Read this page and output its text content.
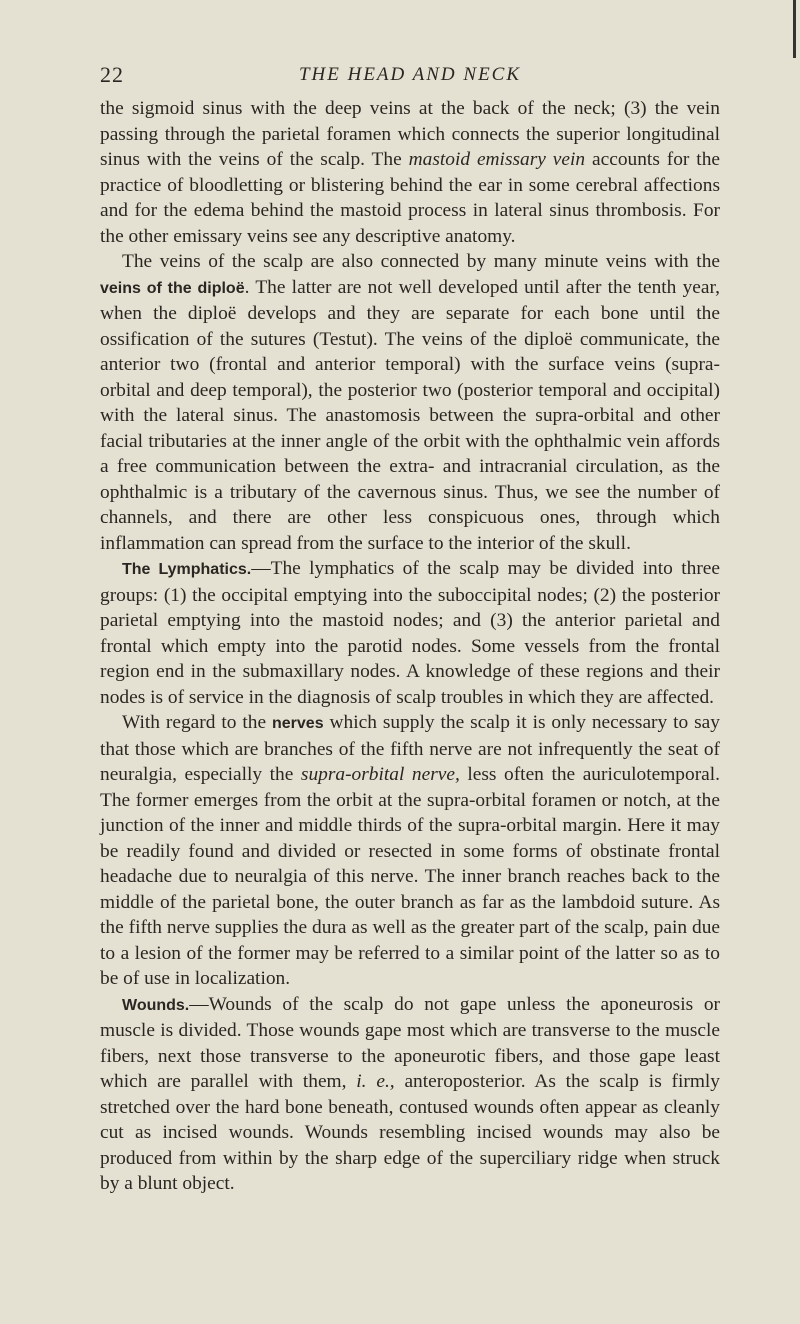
22	THE HEAD AND NECK

the sigmoid sinus with the deep veins at the back of the neck; (3) the vein passing through the parietal foramen which connects the superior longitudinal sinus with the veins of the scalp. The mastoid emissary vein accounts for the practice of bloodletting or blistering behind the ear in some cerebral affections and for the edema behind the mastoid process in lateral sinus thrombosis. For the other emissary veins see any descriptive anatomy.

The veins of the scalp are also connected by many minute veins with the veins of the diploë. The latter are not well developed until after the tenth year, when the diploë develops and they are separate for each bone until the ossification of the sutures (Testut). The veins of the diploë communicate, the anterior two (frontal and anterior temporal) with the surface veins (supra-orbital and deep temporal), the posterior two (posterior temporal and occipital) with the lateral sinus. The anastomosis between the supra-orbital and other facial tributaries at the inner angle of the orbit with the ophthalmic vein affords a free communication between the extra- and intracranial circulation, as the ophthalmic is a tributary of the cavernous sinus. Thus, we see the number of channels, and there are other less conspicuous ones, through which inflammation can spread from the surface to the interior of the skull.

The Lymphatics.—The lymphatics of the scalp may be divided into three groups: (1) the occipital emptying into the suboccipital nodes; (2) the posterior parietal emptying into the mastoid nodes; and (3) the anterior parietal and frontal which empty into the parotid nodes. Some vessels from the frontal region end in the submaxillary nodes. A knowledge of these regions and their nodes is of service in the diagnosis of scalp troubles in which they are affected.

With regard to the nerves which supply the scalp it is only necessary to say that those which are branches of the fifth nerve are not infrequently the seat of neuralgia, especially the supra-orbital nerve, less often the auriculotemporal. The former emerges from the orbit at the supra-orbital foramen or notch, at the junction of the inner and middle thirds of the supra-orbital margin. Here it may be readily found and divided or resected in some forms of obstinate frontal headache due to neuralgia of this nerve. The inner branch reaches back to the middle of the parietal bone, the outer branch as far as the lambdoid suture. As the fifth nerve supplies the dura as well as the greater part of the scalp, pain due to a lesion of the former may be referred to a similar point of the latter so as to be of use in localization.

Wounds.—Wounds of the scalp do not gape unless the aponeurosis or muscle is divided. Those wounds gape most which are transverse to the muscle fibers, next those transverse to the aponeurotic fibers, and those gape least which are parallel with them, i. e., anteroposterior. As the scalp is firmly stretched over the hard bone beneath, contused wounds often appear as cleanly cut as incised wounds. Wounds resembling incised wounds may also be produced from within by the sharp edge of the superciliary ridge when struck by a blunt object.
